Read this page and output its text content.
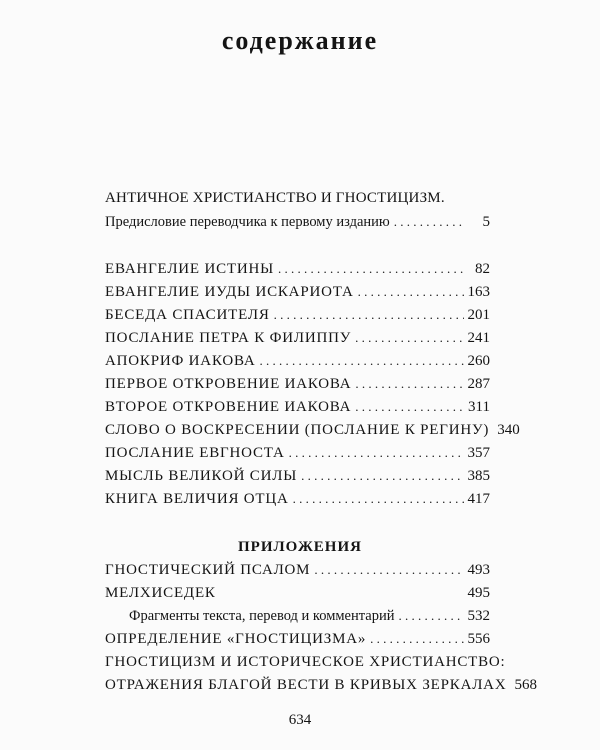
содержание
АНТИЧНОЕ ХРИСТИАНСТВО И ГНОСТИЦИЗМ.
Предисловие переводчика к первому изданию . . .	5
ЕВАНГЕЛИЕ ИСТИНЫ . . .	82
ЕВАНГЕЛИЕ ИУДЫ ИСКАРИОТА . . .	163
БЕСЕДА СПАСИТЕЛЯ . . .	201
ПОСЛАНИЕ ПЕТРА К ФИЛИППУ . . .	241
АПОКРИФ ИАКОВА . . .	260
ПЕРВОЕ ОТКРОВЕНИЕ ИАКОВА . . .	287
ВТОРОЕ ОТКРОВЕНИЕ ИАКОВА . . .	311
СЛОВО О ВОСКРЕСЕНИИ (ПОСЛАНИЕ К РЕГИНУ) 340
ПОСЛАНИЕ ЕВГНОСТА . . .	357
МЫСЛЬ ВЕЛИКОЙ СИЛЫ . . .	385
КНИГА ВЕЛИЧИЯ ОТЦА . . .	417
ПРИЛОЖЕНИЯ
ГНОСТИЧЕСКИЙ ПСАЛОМ . . .	493
МЕЛХИСЕДЕК	495
Фрагменты текста, перевод и комментарий . . .	532
ОПРЕДЕЛЕНИЕ «ГНОСТИЦИЗМА» . . .	556
ГНОСТИЦИЗМ И ИСТОРИЧЕСКОЕ ХРИСТИАНСТВО:
ОТРАЖЕНИЯ БЛАГОЙ ВЕСТИ В КРИВЫХ ЗЕРКАЛАХ 568
634
